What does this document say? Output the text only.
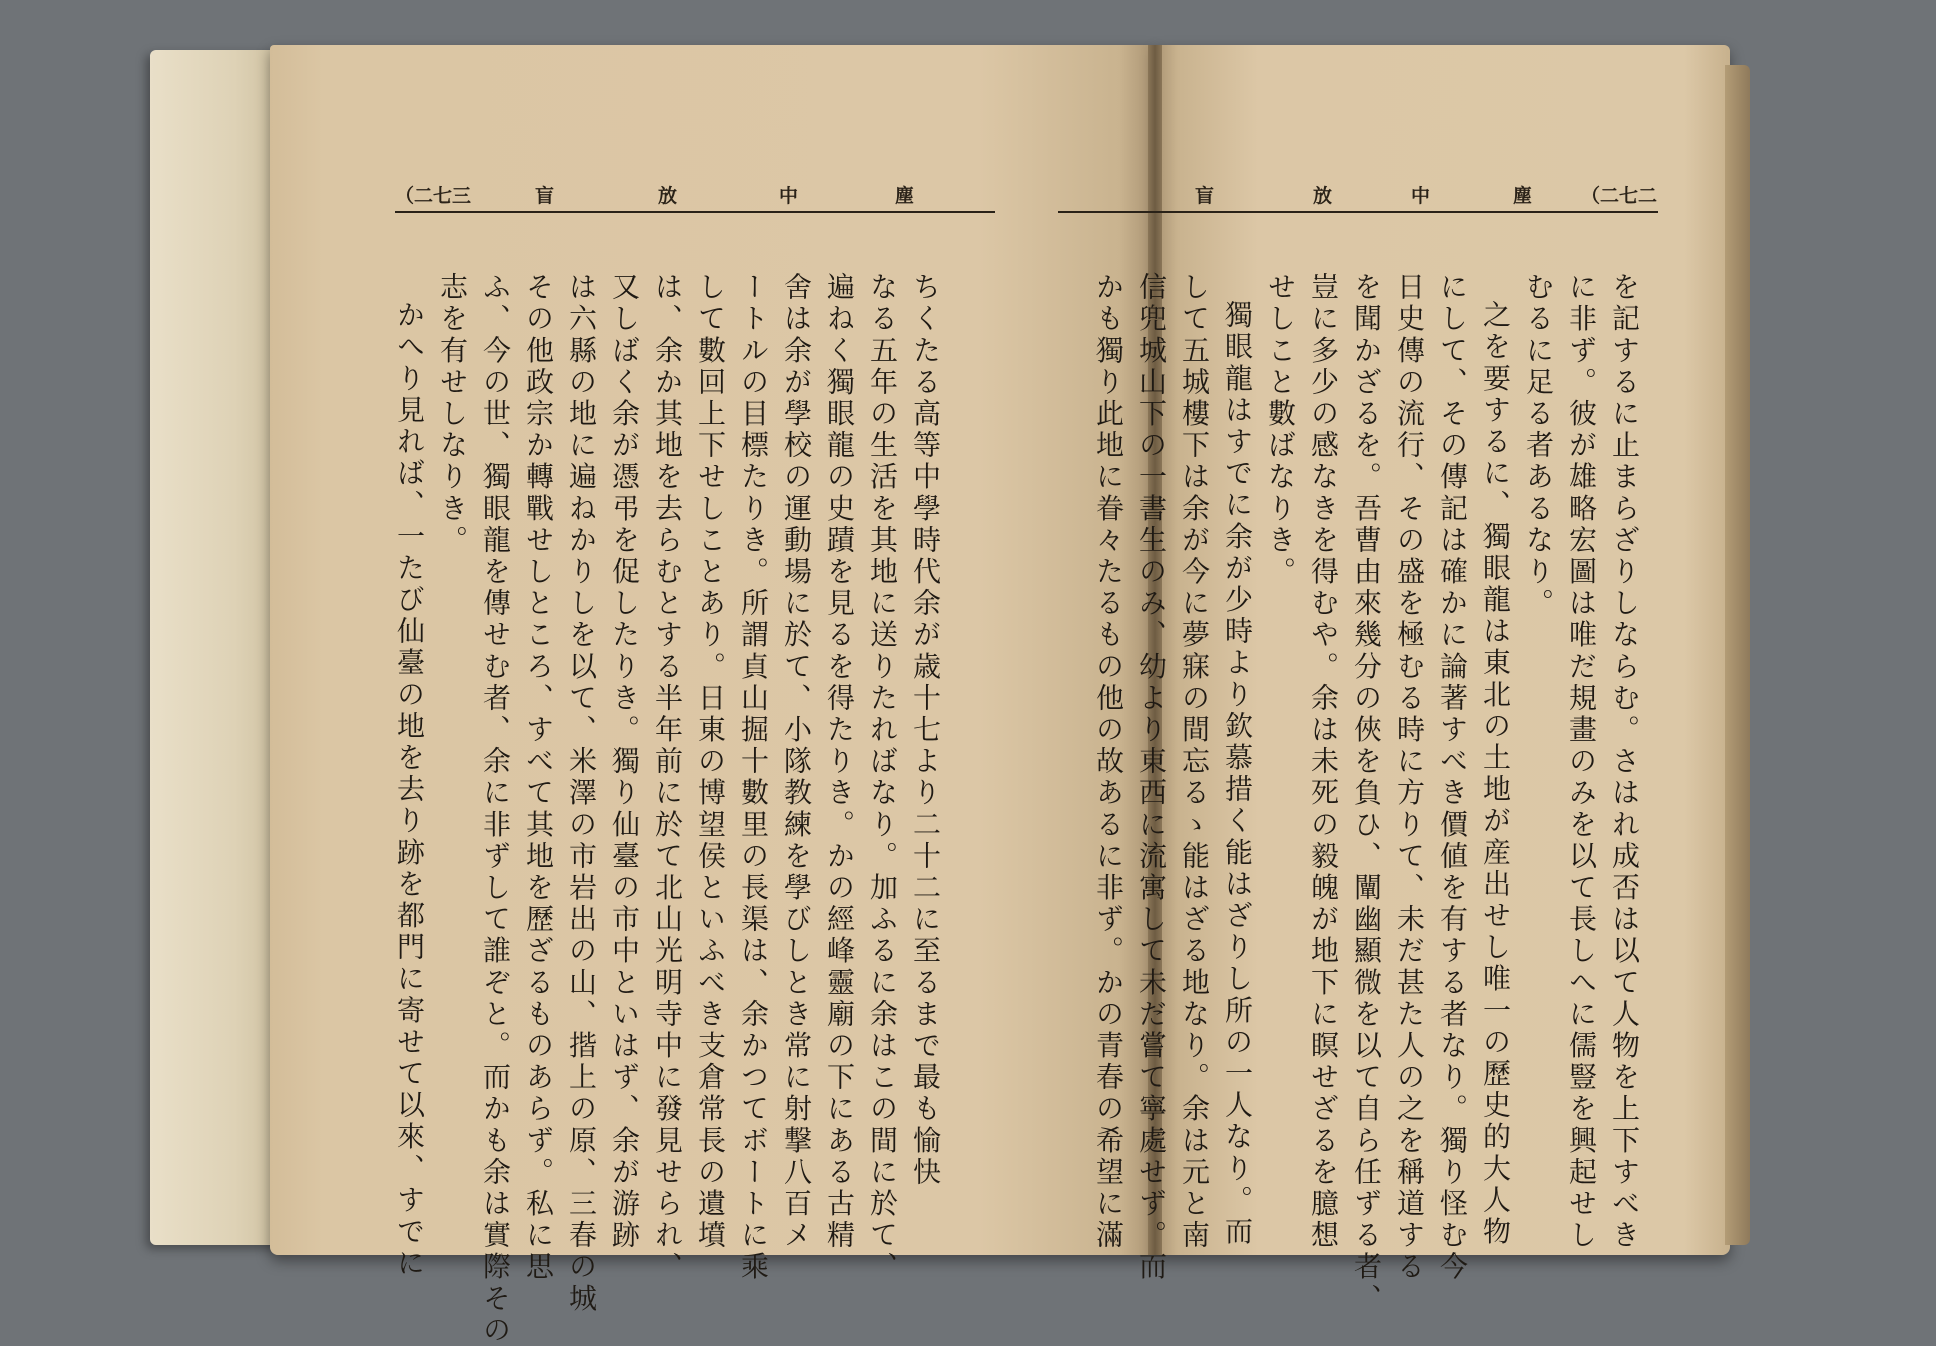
（二七三	盲	放	中	塵	盲	放	中	塵	（二七二
ちくたる高等中學時代余が歳十七より二十二に至るまで最も愉快
なる五年の生活を其地に送りたればなり。加ふるに余はこの間に於て、
遍ねく獨眼龍の史蹟を見るを得たりき。かの經峰靈廟の下にある古精
舍は余が學校の運動場に於て、小隊教練を學びしとき常に射撃八百メ
ートルの目標たりき。所謂貞山掘十數里の長渠は、余かつてボートに乘
して數回上下せしことあり。日東の博望侯といふべき支倉常長の遺墳
は、余か其地を去らむとする半年前に於て北山光明寺中に發見せられ、
又しばく余が憑弔を促したりき。獨り仙臺の市中といはず、余が游跡
は六縣の地に遍ねかりしを以て、米澤の市岩出の山、揩上の原、三春の城
その他政宗か轉戰せしところ、すべて其地を歷ざるものあらず。私に思
ふ、今の世、獨眼龍を傳せむ者、余に非ずして誰ぞと。而かも余は實際その
志を有せしなりき。
かへり見れば、一たび仙臺の地を去り跡を都門に寄せて以來、すでに	を記するに止まらざりしならむ。さはれ成否は以て人物を上下すべき
に非ず。彼が雄略宏圖は唯だ規畫のみを以て長しへに儒豎を興起せし
むるに足る者あるなり。
之を要するに、獨眼龍は東北の土地が産出せし唯一の歷史的大人物
にして、その傳記は確かに論著すべき價値を有する者なり。獨り怪む今
日史傳の流行、その盛を極むる時に方りて、未だ甚た人の之を稱道する
を聞かざるを。吾曹由來幾分の俠を負ひ、闡幽顯微を以て自ら任ずる者、
豈に多少の感なきを得むや。余は未死の毅魄が地下に瞑せざるを臆想
せしこと數ばなりき。
獨眼龍はすでに余が少時より欽慕措く能はざりし所の一人なり。而
して五城樓下は余が今に夢寐の間忘るゝ能はざる地なり。余は元と南
信兜城山下の一書生のみ、幼より東西に流寓して未だ嘗て寧處せず。而
かも獨り此地に眷々たるもの他の故あるに非ず。かの青春の希望に滿
